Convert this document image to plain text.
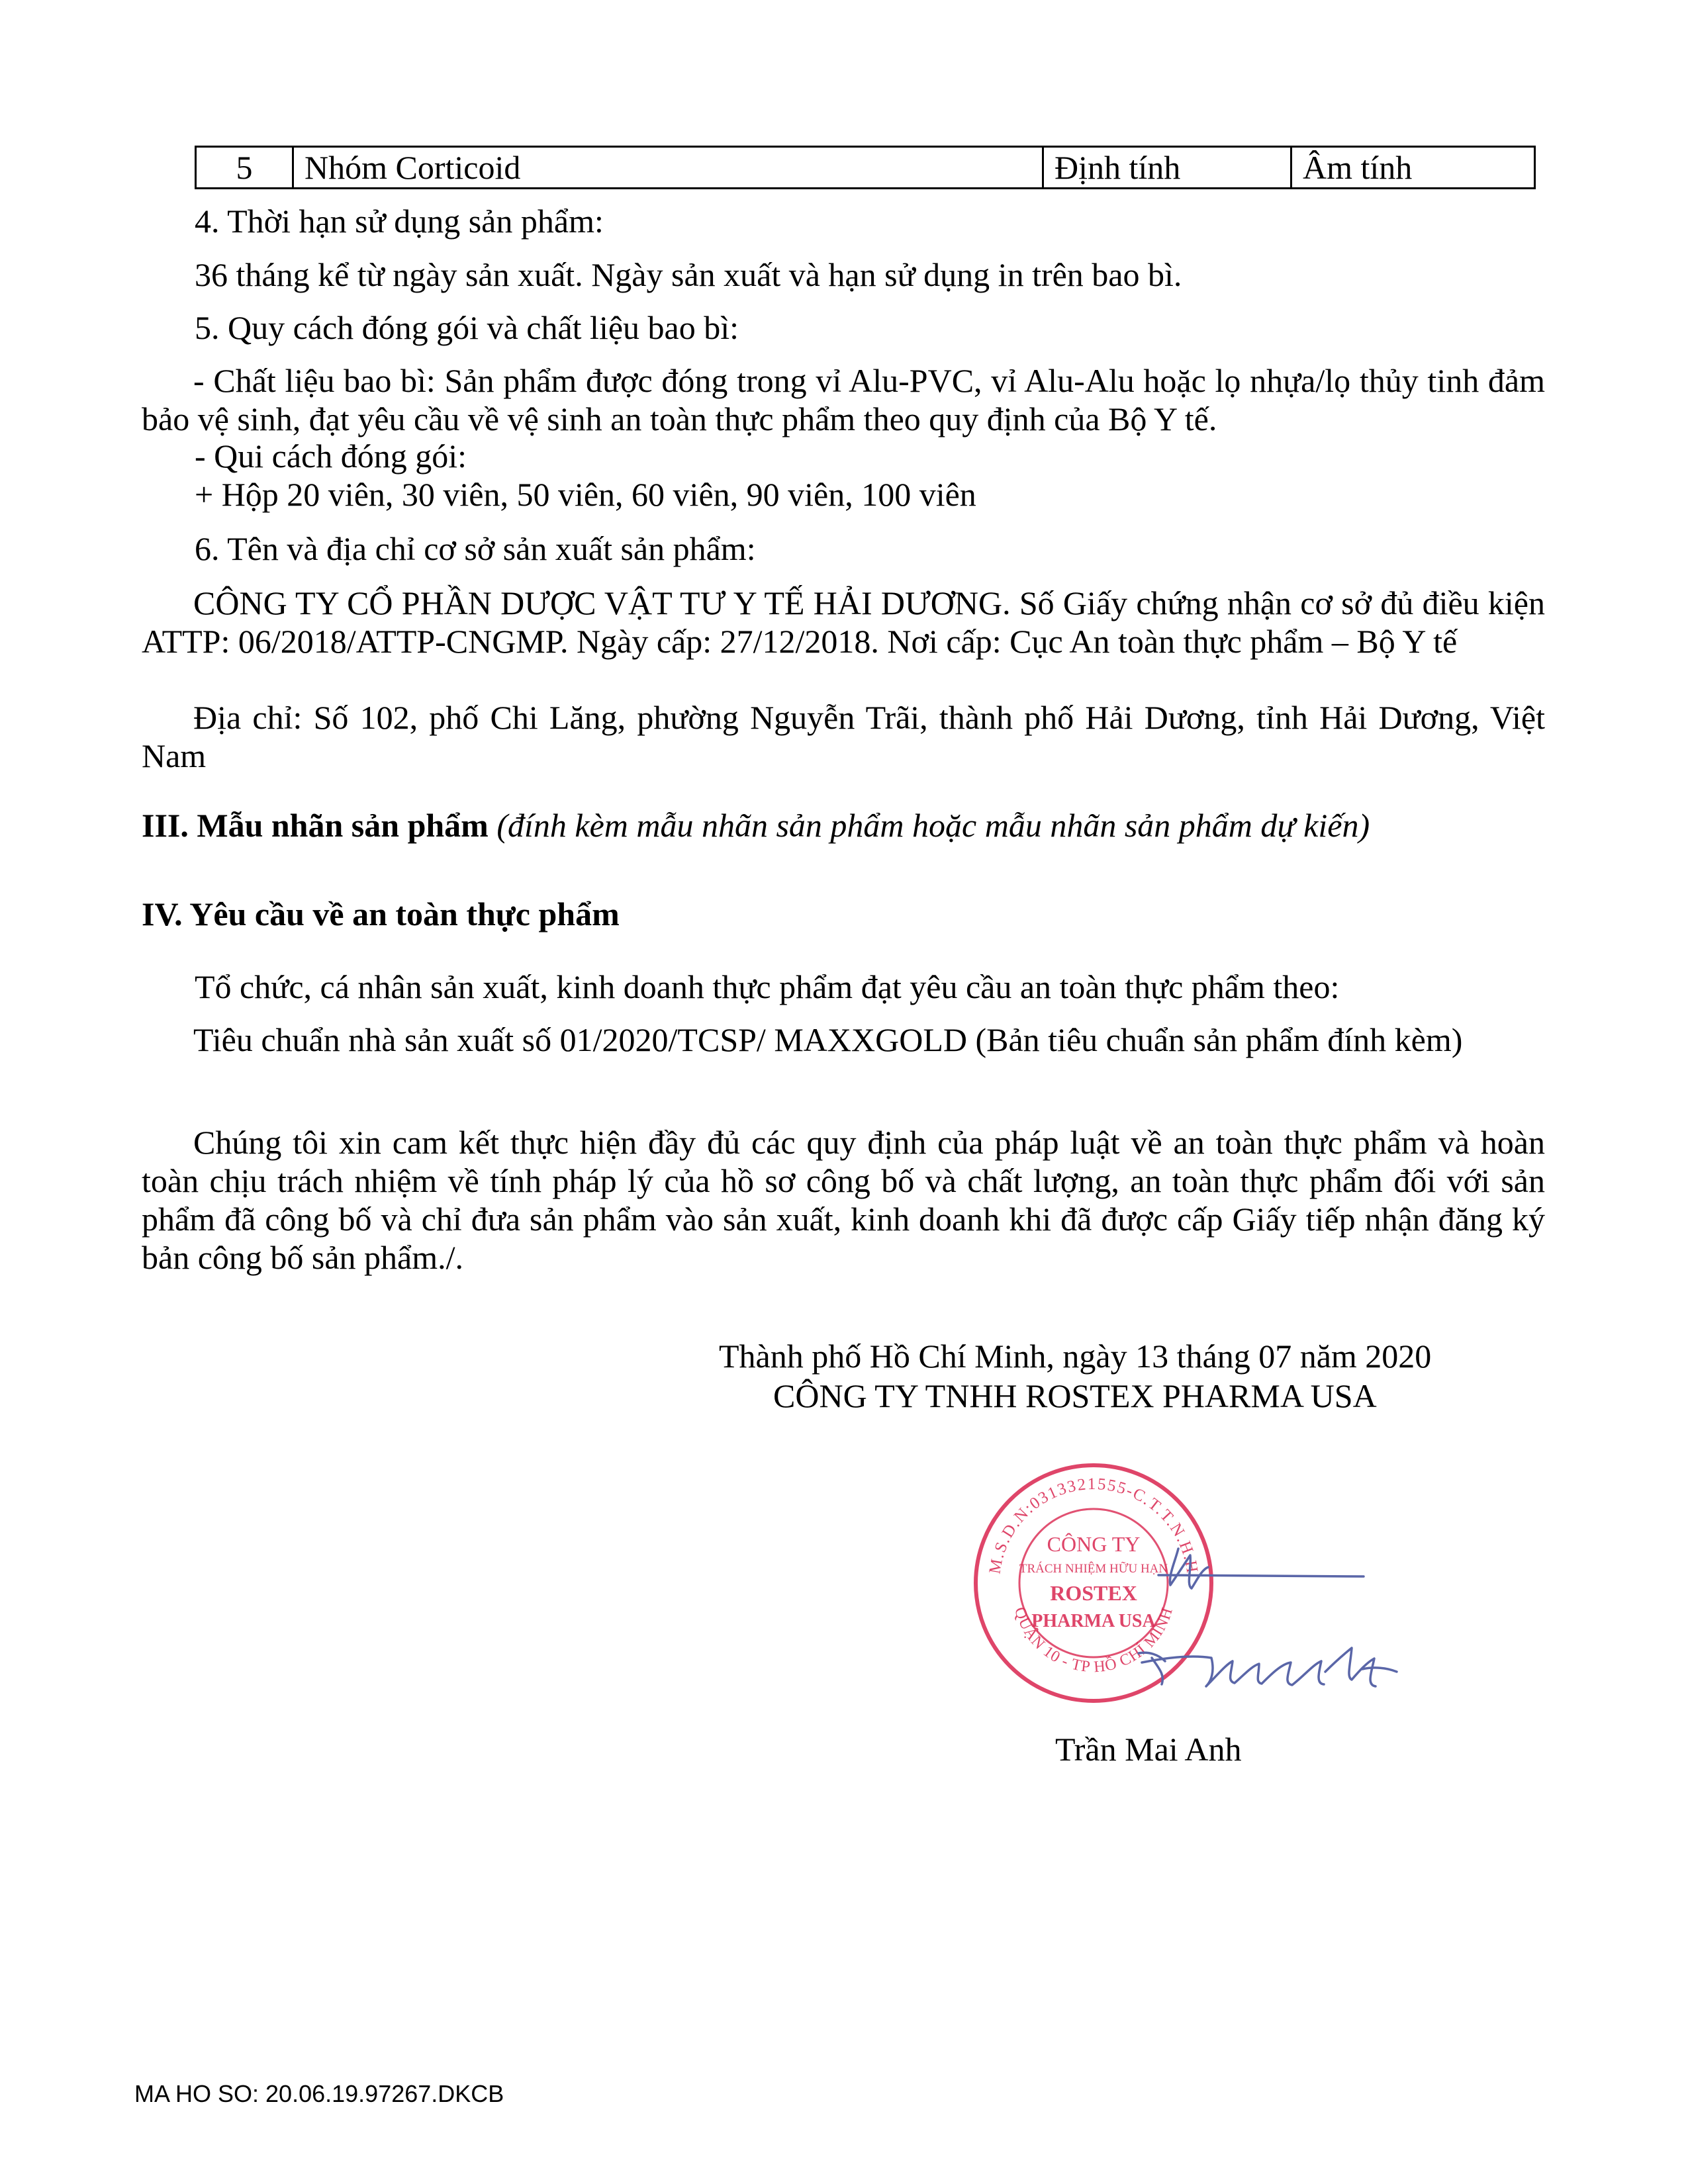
5	Nhóm Corticoid	Định tính	Âm tính

4. Thời hạn sử dụng sản phẩm:

36 tháng kể từ ngày sản xuất. Ngày sản xuất và hạn sử dụng in trên bao bì.

5. Quy cách đóng gói và chất liệu bao bì:

- Chất liệu bao bì: Sản phẩm được đóng trong vỉ Alu-PVC, vỉ Alu-Alu hoặc lọ nhựa/lọ thủy tinh đảm bảo vệ sinh, đạt yêu cầu về vệ sinh an toàn thực phẩm theo quy định của Bộ Y tế.

- Qui cách đóng gói:

+ Hộp 20 viên, 30 viên, 50 viên, 60 viên, 90 viên, 100 viên

6. Tên và địa chỉ cơ sở sản xuất sản phẩm:

CÔNG TY CỔ PHẦN DƯỢC VẬT TƯ Y TẾ HẢI DƯƠNG. Số Giấy chứng nhận cơ sở đủ điều kiện ATTP: 06/2018/ATTP-CNGMP. Ngày cấp: 27/12/2018. Nơi cấp: Cục An toàn thực phẩm – Bộ Y tế

Địa chỉ: Số 102, phố Chi Lăng, phường Nguyễn Trãi, thành phố Hải Dương, tỉnh Hải Dương, Việt Nam

III. Mẫu nhãn sản phẩm (đính kèm mẫu nhãn sản phẩm hoặc mẫu nhãn sản phẩm dự kiến)

IV. Yêu cầu về an toàn thực phẩm

Tổ chức, cá nhân sản xuất, kinh doanh thực phẩm đạt yêu cầu an toàn thực phẩm theo:

Tiêu chuẩn nhà sản xuất số 01/2020/TCSP/ MAXXGOLD (Bản tiêu chuẩn sản phẩm đính kèm)

Chúng tôi xin cam kết thực hiện đầy đủ các quy định của pháp luật về an toàn thực phẩm và hoàn toàn chịu trách nhiệm về tính pháp lý của hồ sơ công bố và chất lượng, an toàn thực phẩm đối với sản phẩm đã công bố và chỉ đưa sản phẩm vào sản xuất, kinh doanh khi đã được cấp Giấy tiếp nhận đăng ký bản công bố sản phẩm./.

Thành phố Hồ Chí Minh, ngày 13 tháng 07 năm 2020

CÔNG TY TNHH ROSTEX PHARMA USA

M.S.D.N:0313321555-C.T.T.N.H.H
QUẬN 10 - TP HỒ CHÍ MINH
CÔNG TY
TRÁCH NHIỆM HỮU HẠN
ROSTEX
PHARMA USA

Trần Mai Anh

MA HO SO: 20.06.19.97267.DKCB
